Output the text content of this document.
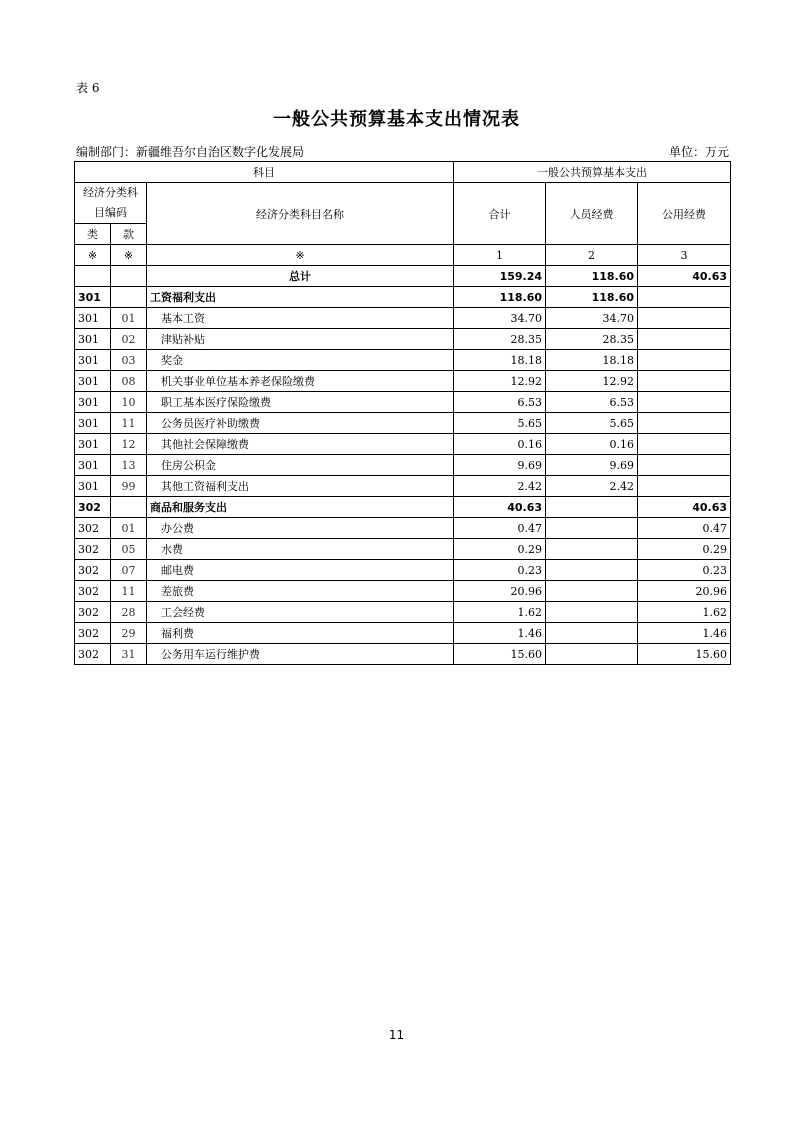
表 6
一般公共预算基本支出情况表
编制部门：新疆维吾尔自治区数字化发展局	单位：万元
科目			一般公共预算基本支出		
经济分类科目编码		经济分类科目名称	合计	人员经费	公用经费
类	款				
※	※	※	1	2	3
		总计	159.24	118.60	40.63
301		工资福利支出	118.60	118.60	
301	01	基本工资	34.70	34.70	
301	02	津贴补贴	28.35	28.35	
301	03	奖金	18.18	18.18	
301	08	机关事业单位基本养老保险缴费	12.92	12.92	
301	10	职工基本医疗保险缴费	6.53	6.53	
301	11	公务员医疗补助缴费	5.65	5.65	
301	12	其他社会保障缴费	0.16	0.16	
301	13	住房公积金	9.69	9.69	
301	99	其他工资福利支出	2.42	2.42	
302		商品和服务支出	40.63		40.63
302	01	办公费	0.47		0.47
302	05	水费	0.29		0.29
302	07	邮电费	0.23		0.23
302	11	差旅费	20.96		20.96
302	28	工会经费	1.62		1.62
302	29	福利费	1.46		1.46
302	31	公务用车运行维护费	15.60		15.60
11
